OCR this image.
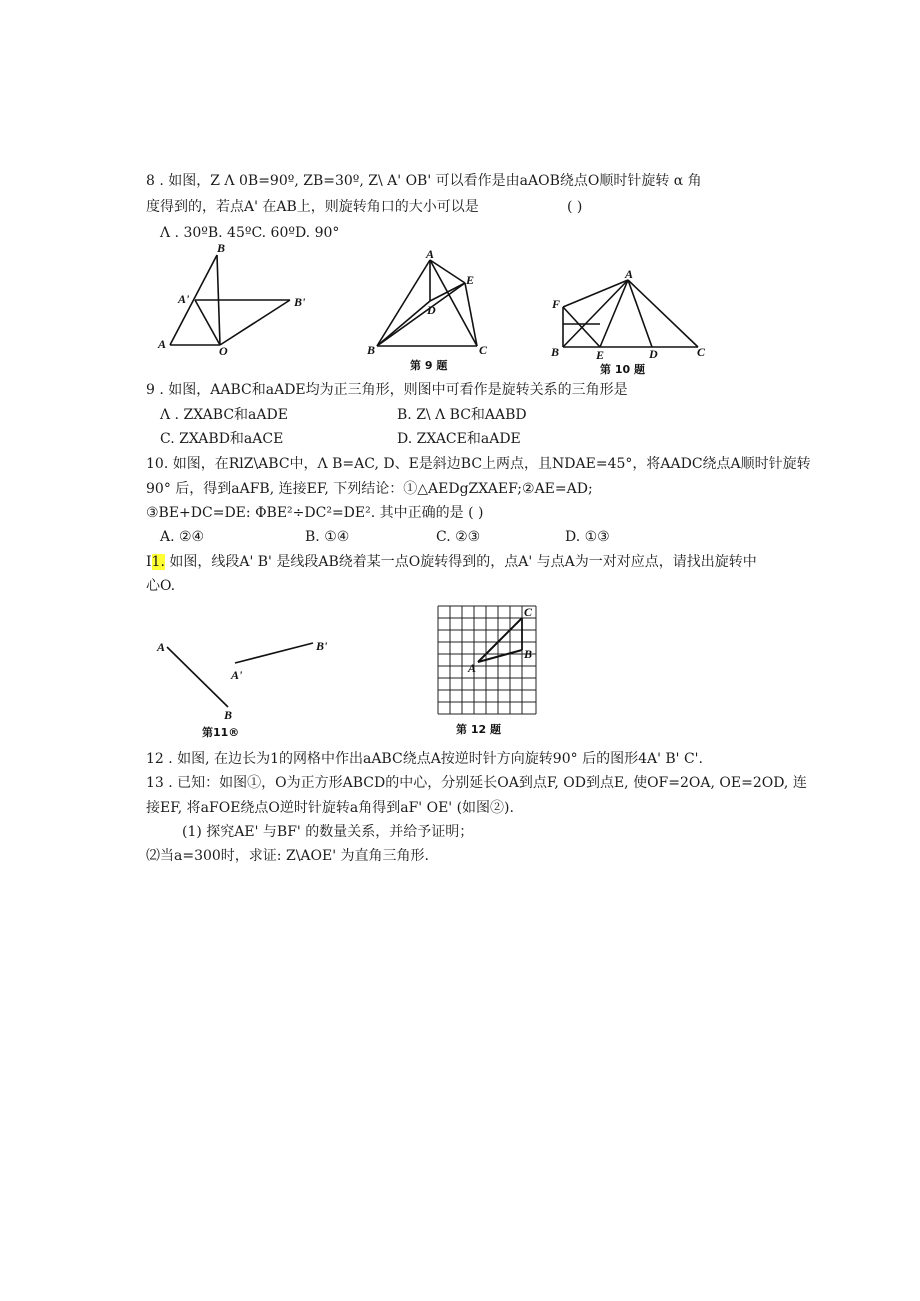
8 . 如图，Z Λ 0B=90º, ZB=30º, Z\ A' OB' 可以看作是由aAOB绕点O顺时针旋转 α 角
度得到的，若点A' 在AB上，则旋转角口的大小可以是	( )
Λ . 30ºB. 45ºC. 60ºD. 90°
B
A'	B'
A	O
A
E
D
B	C
第 9 题
A
F
B	E	D	C
第 10 题
9 . 如图，AABC和aADE均为正三角形，则图中可看作是旋转关系的三角形是
Λ . ZXABC和aADE	B. Z\ Λ BC和AABD
C. ZXABD和aACE	D. ZXACE和aADE
10. 如图，在RlZ\ABC中，Λ B=AC, D、E是斜边BC上两点，且NDAE=45°，将AADC绕点A顺时针旋转
90° 后，得到aAFB, 连接EF, 下列结论：①△AEDgZXAEF;②AE=AD;
③BE+DC=DE: ΦBE²÷DC²=DE². 其中正确的是 ( )
A. ②④	B. ①④	C. ②③	D. ①③
I1. 如图，线段A' B' 是线段AB绕着某一点O旋转得到的，点A' 与点A为一对对应点，请找出旋转中
心O.
A	B'
A'
B
第11®
C
B
A
第 12 题
12 . 如图, 在边长为1的网格中作出aABC绕点A按逆时针方向旋转90° 后的图形4A' B' C'.
13 . 已知：如图①，O为正方形ABCD的中心，分别延长OA到点F, OD到点E, 使OF=2OA, OE=2OD, 连
接EF, 将aFOE绕点O逆时针旋转a角得到aF' OE' (如图②).
(1) 探究AE' 与BF' 的数量关系，并给予证明；
⑵当a=300时，求证: Z\AOE' 为直角三角形.
